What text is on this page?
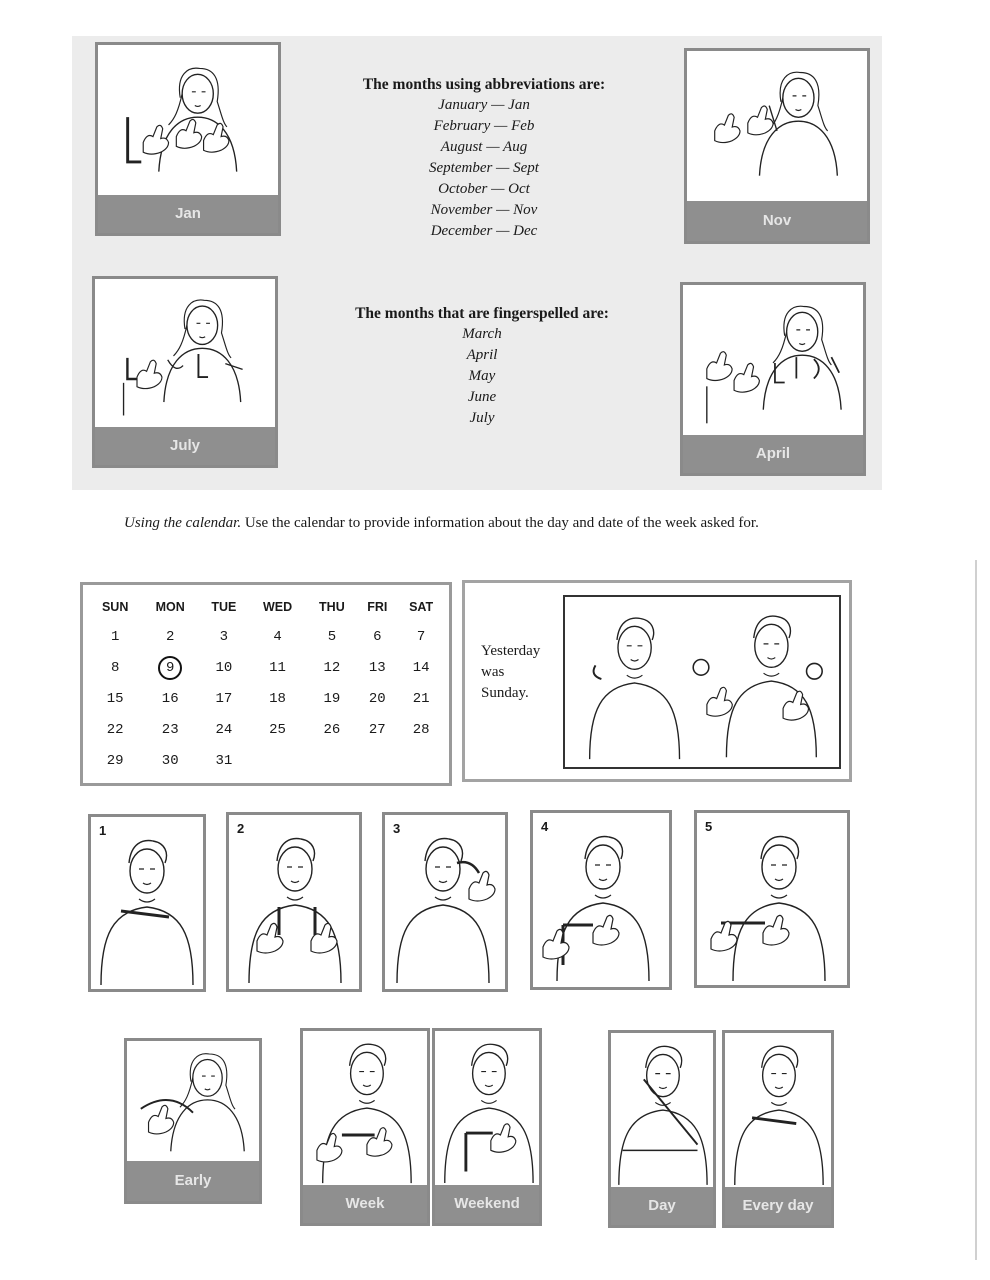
Jan	Nov
July	April
The months using abbreviations are:
January — Jan
February — Feb
August — Aug
September — Sept
October — Oct
November — Nov
December — Dec
The months that are fingerspelled are:
March
April
May
June
July
Using the calendar. Use the calendar to provide information about the day and date of the week asked for.
SUN	MON	TUE	WED	THU	FRI	SAT
1	2	3	4	5	6	7
8	9	10	11	12	13	14
15	16	17	18	19	20	21
22	23	24	25	26	27	28
29	30	31				
Yesterday
was
Sunday.
1	2	3	4	5
Early
Week	Weekend	Day	Every day
